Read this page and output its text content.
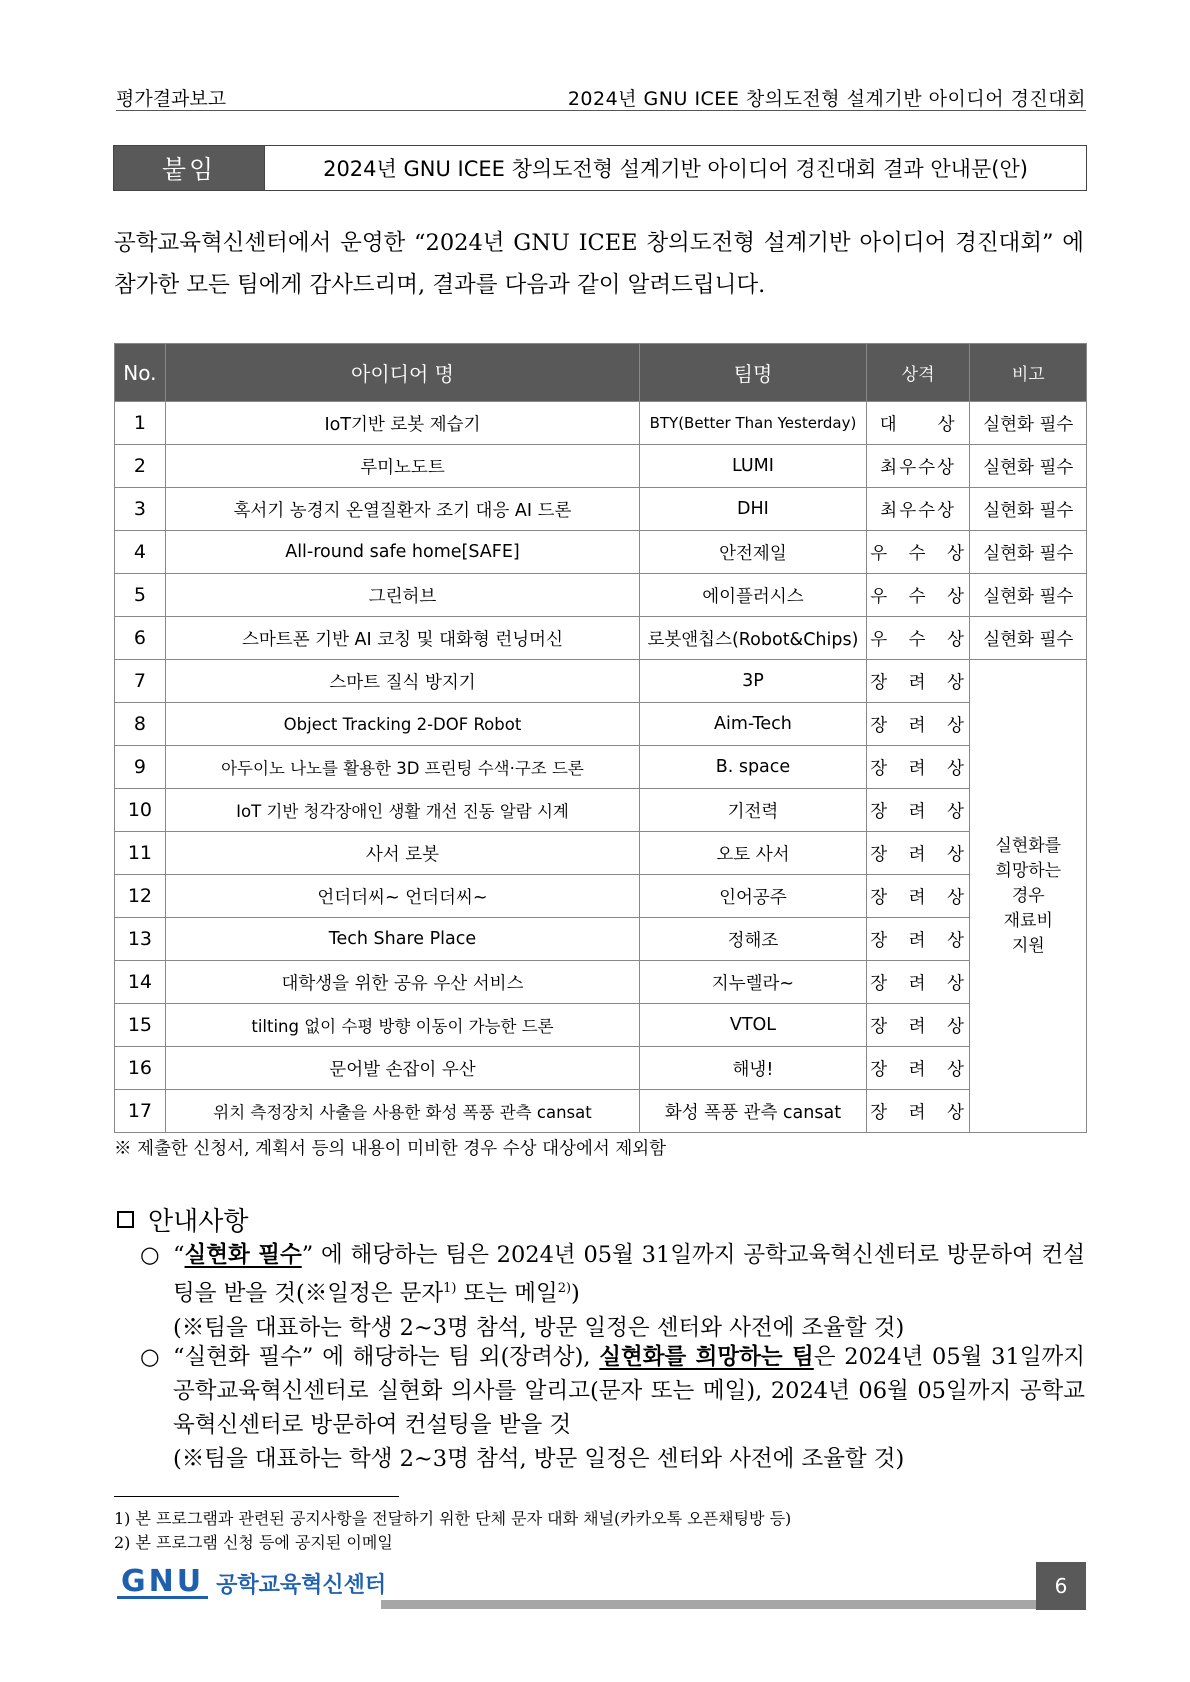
평가결과보고	2024년 GNU ICEE 창의도전형 설계기반 아이디어 경진대회
붙임	2024년 GNU ICEE 창의도전형 설계기반 아이디어 경진대회 결과 안내문(안)
공학교육혁신센터에서 운영한 “2024년 GNU ICEE 창의도전형 설계기반 아이디어 경진대회” 에 참가한 모든 팀에게 감사드리며, 결과를 다음과 같이 알려드립니다.
No.	아이디어 명	팀명	상격	비고
1	IoT기반 로봇 제습기	BTY(Better Than Yesterday)	대　　상	실현화 필수
2	루미노도트	LUMI	최우수상	실현화 필수
3	혹서기 농경지 온열질환자 조기 대응 AI 드론	DHI	최우수상	실현화 필수
4	All-round safe home[SAFE]	안전제일	우　수　상	실현화 필수
5	그린허브	에이플러시스	우　수　상	실현화 필수
6	스마트폰 기반 AI 코칭 및 대화형 런닝머신	로봇앤칩스(Robot&Chips)	우　수　상	실현화 필수
7	스마트 질식 방지기	3P	장　려　상	실현화를
희망하는
경우
재료비
지원

8	Object Tracking 2-DOF Robot	Aim-Tech	장　려　상	
9	아두이노 나노를 활용한 3D 프린팅 수색·구조 드론	B. space	장　려　상	
10	IoT 기반 청각장애인 생활 개선 진동 알람 시계	기전력	장　려　상	
11	사서 로봇	오토 사서	장　려　상	
12	언더더씨~ 언더더씨~	인어공주	장　려　상	
13	Tech Share Place	정해조	장　려　상	
14	대학생을 위한 공유 우산 서비스	지누렐라~	장　려　상	
15	tilting 없이 수평 방향 이동이 가능한 드론	VTOL	장　려　상	
16	문어발 손잡이 우산	해냉!	장　려　상	
17	위치 측정장치 사출을 사용한 화성 폭풍 관측 cansat	화성 폭풍 관측 cansat	장　려　상	
※ 제출한 신청서, 계획서 등의 내용이 미비한 경우 수상 대상에서 제외함
안내사항
○ “실현화 필수” 에 해당하는 팀은 2024년 05월 31일까지 공학교육혁신센터로 방문하여 컨설팅을 받을 것(※일정은 문자$^{1)}$ 또는 메일$^{2)}$)
(※팀을 대표하는 학생 2~3명 참석, 방문 일정은 센터와 사전에 조율할 것)
○ “실현화 필수” 에 해당하는 팀 외(장려상), 실현화를 희망하는 팀은 2024년 05월 31일까지 공학교육혁신센터로 실현화 의사를 알리고(문자 또는 메일), 2024년 06월 05일까지 공학교육혁신센터로 방문하여 컨설팅을 받을 것
(※팀을 대표하는 학생 2~3명 참석, 방문 일정은 센터와 사전에 조율할 것)
1) 본 프로그램과 관련된 공지사항을 전달하기 위한 단체 문자 대화 채널(카카오톡 오픈채팅방 등)
2) 본 프로그램 신청 등에 공지된 이메일
GNU 공학교육혁신센터	6
